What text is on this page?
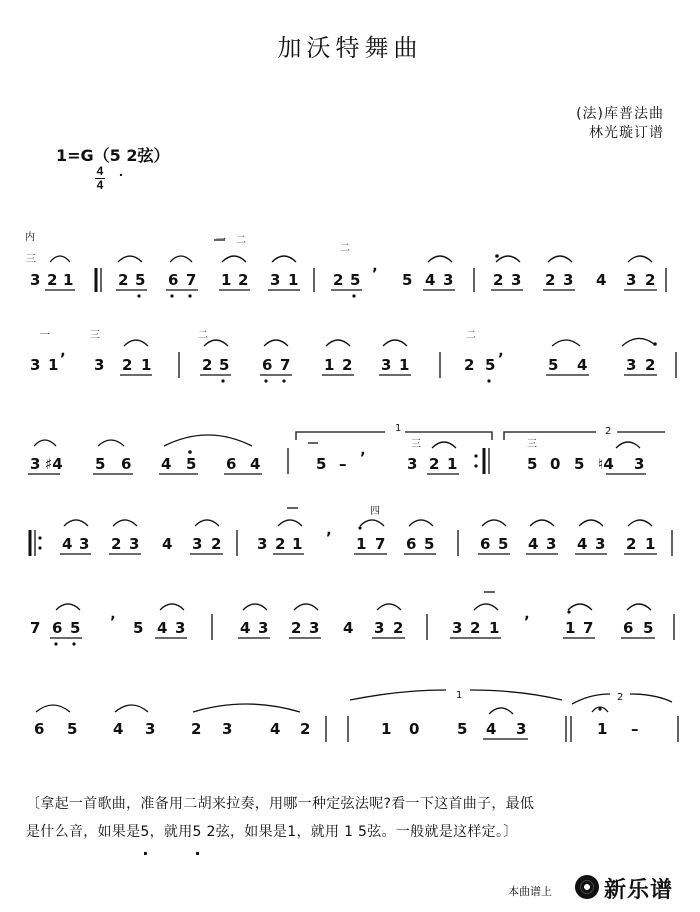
加沃特舞曲
(法)库普法曲
林光璇订谱
1=G（5 2弦）
4
4
.
内
三
3 2 1	2 5 6 7
一 二
1 2 3 1 2 5
二
ʼ 5 4 3	2 3 2 3 4 3 2
一	三
3 1 ʼ 3 2 1
二
2 5 6 7 1 2 3 1
二
2 5 ʼ	5 4	3 2
3 ♯4 5 6 4 5 6 4	5 – ʼ
三
3 2 1
1
三
5 0 5 ♮4 3
2
4 3 2 3 4 3 2 3 2 1 ʼ
四
1 7 6 5	6 5 4 3 4 3 2 1
7 6 5 ʼ 5 4 3	4 3 2 3 4 3 2	3 2 1 ʼ 1 7 6 5
6 5 4 3 2 3	4 2	1 0	5 4 3
1
1 –
2
〔拿起一首歌曲，准备用二胡来拉奏，用哪一种定弦法呢?看一下这首曲子，最低
是什么音，如果是5 .，就用5 . 2弦，如果是1，就用 1 5弦。一般就是这样定。〕
本曲谱上 新乐谱
